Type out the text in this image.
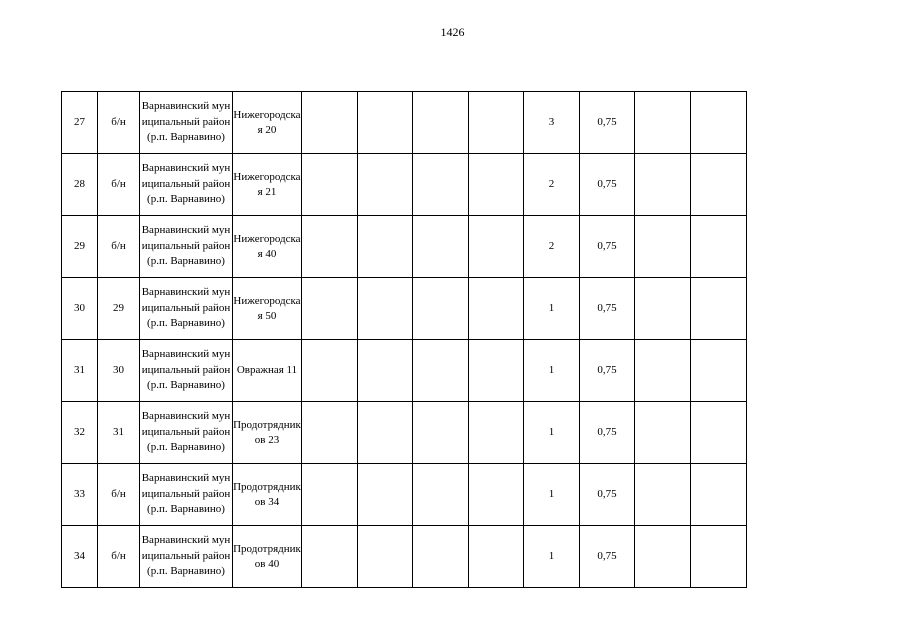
1426
27	б/н	Варнавинский муниципальный район (р.п. Варнавино)	Нижегородская 20					3	0,75		
28	б/н	Варнавинский муниципальный район (р.п. Варнавино)	Нижегородская 21					2	0,75		
29	б/н	Варнавинский муниципальный район (р.п. Варнавино)	Нижегородская 40					2	0,75		
30	29	Варнавинский муниципальный район (р.п. Варнавино)	Нижегородская 50					1	0,75		
31	30	Варнавинский муниципальный район (р.п. Варнавино)	Овражная 11					1	0,75		
32	31	Варнавинский муниципальный район (р.п. Варнавино)	Продотрядников 23					1	0,75		
33	б/н	Варнавинский муниципальный район (р.п. Варнавино)	Продотрядников 34					1	0,75		
34	б/н	Варнавинский муниципальный район (р.п. Варнавино)	Продотрядников 40					1	0,75		
